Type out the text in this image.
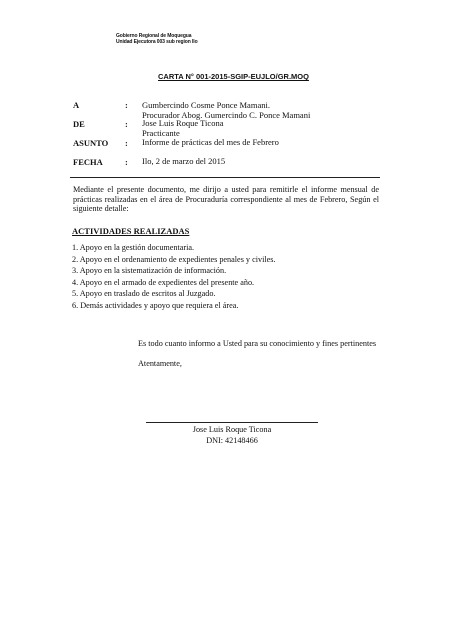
Gobierno Regional de Moquegua
Unidad Ejecutora 003 sub region Ilo
CARTA N° 001-2015-SGIP-EUJLO/GR.MOQ
A	: Gumbercindo Cosme Ponce Mamani.
Procurador Abog. Gumercindo C. Ponce Mamani
DE	: Jose Luis Roque Ticona
Practicante
ASUNTO : Informe de prácticas del mes de Febrero
FECHA	: Ilo, 2 de marzo del 2015
Mediante el presente documento, me dirijo a usted para remitirle el informe mensual de prácticas realizadas en el área de Procuraduría correspondiente al mes de Febrero, Según el siguiente detalle:
ACTIVIDADES REALIZADAS
1. Apoyo en la gestión documentaria.
2. Apoyo en el ordenamiento de expedientes penales y civiles.
3. Apoyo en la sistematización de información.
4. Apoyo en el armado de expedientes del presente año.
5. Apoyo en traslado de escritos al Juzgado.
6. Demás actividades y apoyo que requiera el área.
Es todo cuanto informo a Usted para su conocimiento y fines pertinentes
Atentamente,
Jose Luis Roque Ticona
DNI: 42148466
